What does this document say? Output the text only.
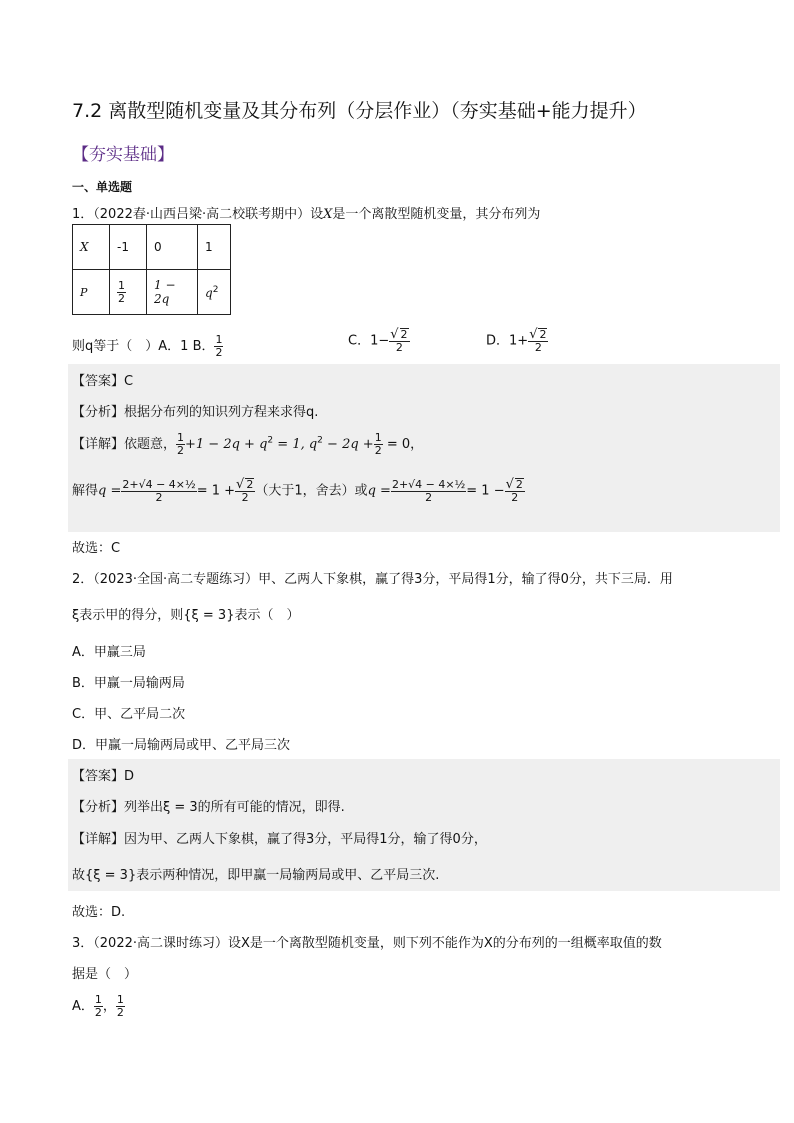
7.2 离散型随机变量及其分布列（分层作业）（夯实基础+能力提升）
【夯实基础】
一、单选题
1．（2022春·山西吕梁·高二校联考期中）设X是一个离散型随机变量，其分布列为
X	-1	0	1
P	$\frac{1}{2}$	1 − 2q	$q^2$
则q等于（　）A．1 B． $\frac{1}{2}$	C．$1- \frac{√ 2}{2}$	D．$1+ \frac{√ 2}{2}$
【答案】C
【分析】根据分布列的知识列方程来求得q.
【详解】依题意， $\frac{1}{2} +1 - 2q + q^2 = 1$, $q^2 - 2q + \frac{1}{2} = 0$，
解得$q = \frac{\text{2+√4 − 4×½}}{2} = 1 + \frac{√ 2}{2}$ （大于1，舍去）或$q = \frac{\text{2+√4 − 4×½}}{2} = 1 - \frac{√ 2}{2}$
故选：C
2．（2023·全国·高二专题练习）甲、乙两人下象棋，赢了得3分，平局得1分，输了得0分，共下三局．用
ξ表示甲的得分，则{ξ = 3}表示（　）
A．甲赢三局
B．甲赢一局输两局
C．甲、乙平局二次
D．甲赢一局输两局或甲、乙平局三次
【答案】D
【分析】列举出ξ = 3的所有可能的情况，即得.
【详解】因为甲、乙两人下象棋，赢了得3分，平局得1分，输了得0分，
故{ξ = 3}表示两种情况，即甲赢一局输两局或甲、乙平局三次.
故选：D.
3．（2022·高二课时练习）设X是一个离散型随机变量，则下列不能作为X的分布列的一组概率取值的数
据是（　）
A． $\frac{1}{2}$ ， $\frac{1}{2}$
